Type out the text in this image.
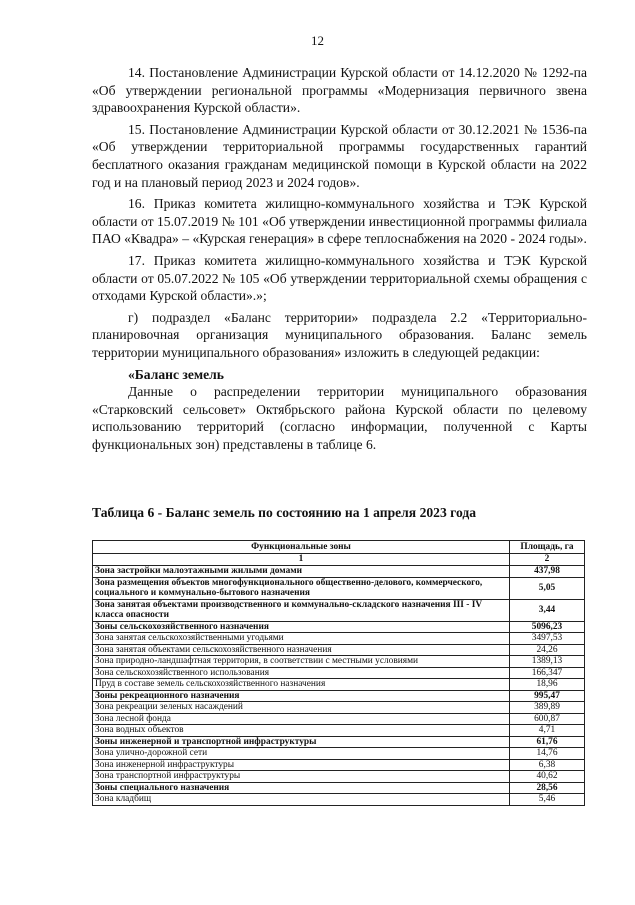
12

14. Постановление Администрации Курской области от 14.12.2020 № 1292-па «Об утверждении региональной программы «Модернизация первичного звена здравоохранения Курской области».

15. Постановление Администрации Курской области от 30.12.2021 № 1536-па «Об утверждении территориальной программы государственных гарантий бесплатного оказания гражданам медицинской помощи в Курской области на 2022 год и на плановый период 2023 и 2024 годов».

16. Приказ комитета жилищно-коммунального хозяйства и ТЭК Курской области от 15.07.2019 № 101 «Об утверждении инвестиционной программы филиала ПАО «Квадра» – «Курская генерация» в сфере теплоснабжения на 2020 - 2024 годы».

17. Приказ комитета жилищно-коммунального хозяйства и ТЭК Курской области от 05.07.2022 № 105 «Об утверждении территориальной схемы обращения с отходами Курской области».»;

г) подраздел «Баланс территории» подраздела 2.2 «Территориально-планировочная организация муниципального образования. Баланс земель территории муниципального образования» изложить в следующей редакции:

«Баланс земель

Данные о распределении территории муниципального образования «Старковский сельсовет» Октябрьского района Курской области по целевому использованию территорий (согласно информации, полученной с Карты функциональных зон) представлены в таблице 6.

Таблица 6 - Баланс земель по состоянию на 1 апреля 2023 года
Функциональные зоны	Площадь, га
1	2
Зона застройки малоэтажными жилыми домами	437,98
Зона размещения объектов многофункционального общественно-делового, коммерческого, социального и коммунально-бытового назначения	5,05
Зона занятая объектами производственного и коммунально-складского назначения III - IV класса опасности	3,44
Зоны сельскохозяйственного назначения	5096,23
Зона занятая сельскохозяйственными угодьями	3497,53
Зона занятая объектами сельскохозяйственного назначения	24,26
Зона природно-ландшафтная территория, в соответствии с местными условиями	1389,13
Зона сельскохозяйственного использования	166,347
Пруд в составе земель сельскохозяйственного назначения	18,96
Зоны рекреационного назначения	995,47
Зона рекреации зеленых насаждений	389,89
Зона лесной фонда	600,87
Зона водных объектов	4,71
Зоны инженерной и транспортной инфраструктуры	61,76
Зона улично-дорожной сети	14,76
Зона инженерной инфраструктуры	6,38
Зона транспортной инфраструктуры	40,62
Зоны специального назначения	28,56
Зона кладбищ	5,46
